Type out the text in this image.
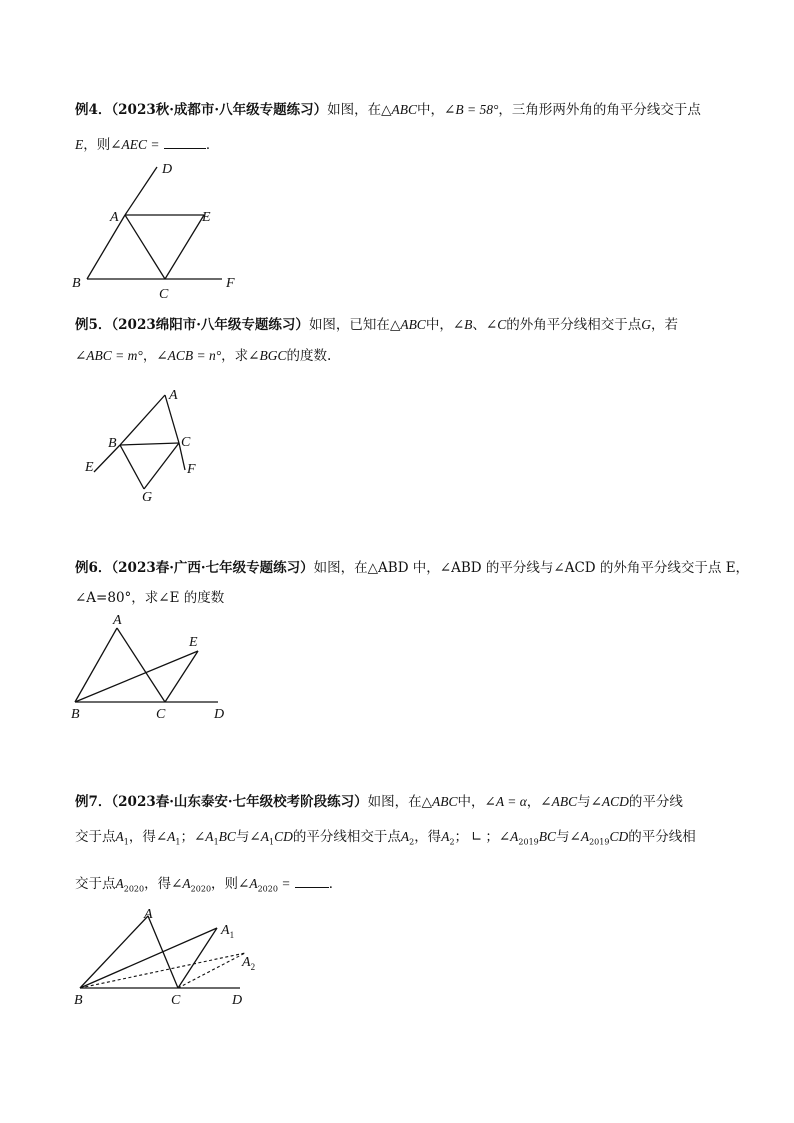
例4．（2023秋·成都市·八年级专题练习）如图，在△ABC中，∠B = 58°，三角形两外角的角平分线交于点
E，则∠AEC =	．
D
A	E
B
C
F
例5．（2023绵阳市·八年级专题练习）如图，已知在△ABC中，∠B、∠C的外角平分线相交于点G，若
∠ABC = m°，∠ACB = n°，求∠BGC的度数.
A
B	C
E	F
G
例6．（2023春·广西·七年级专题练习）如图，在△ABD 中，∠ABD 的平分线与∠ACD 的外角平分线交于点 E，
∠A=80°，求∠E 的度数
A
E
B	C	D
例7．（2023春·山东泰安·七年级校考阶段练习）如图，在△ABC中，∠A = α，∠ABC与∠ACD的平分线
交于点$A_1$，得$\angle A_1$；$\angle A_1BC$与$\angle A_1CD$的平分线相交于点$A_2$，得$A_2$； ∟ ；$\angle A_{2019}BC$与$\angle A_{2019}CD$的平分线相
交于点$A_{2020}$，得$\angle A_{2020}$，则$\angle A_{2020}$ =	．
A
$A_1$
$A_2$
B	C	D
